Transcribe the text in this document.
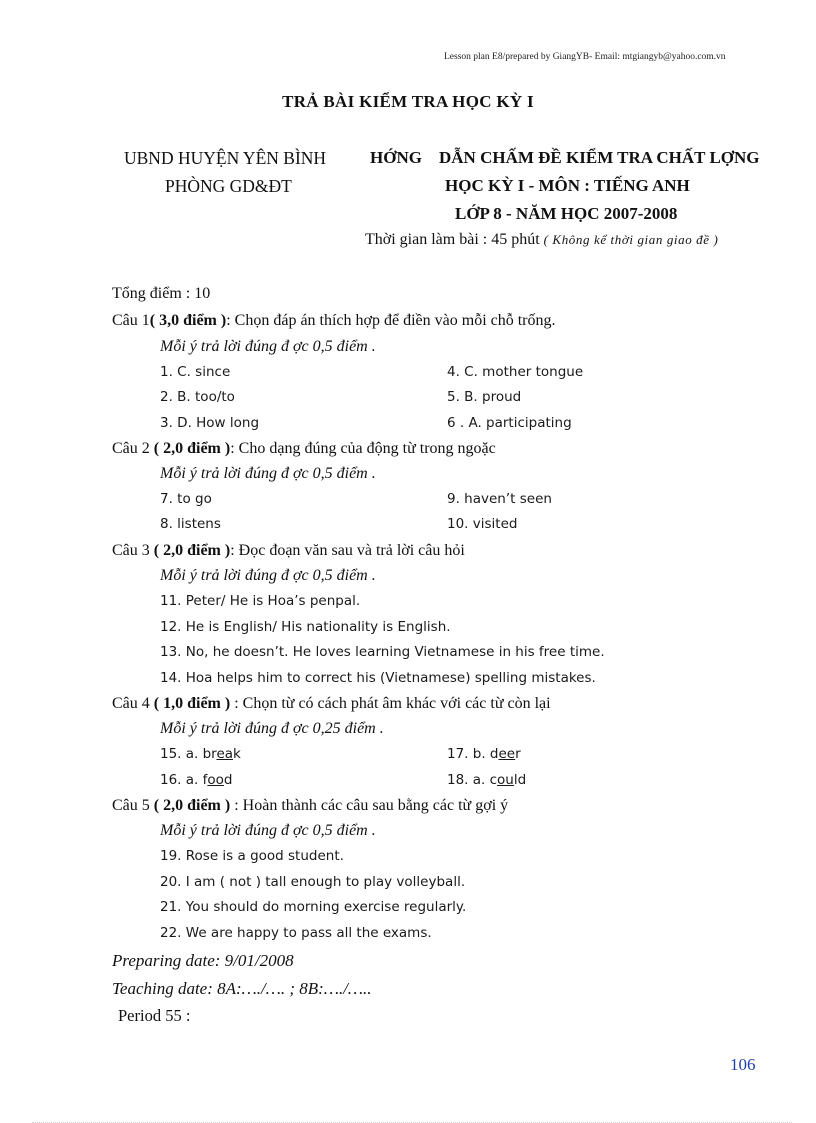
Lesson plan E8/prepared by GiangYB- Email: mtgiangyb@yahoo.com.vn
TRẢ BÀI KIỂM TRA HỌC KỲ I
UBND HUYỆN YÊN BÌNH
PHÒNG GD&ĐT
HỚNG DẪN CHẤM ĐỀ KIỂM TRA CHẤT LỢNG
HỌC KỲ I - MÔN : TIẾNG ANH
LỚP 8 - NĂM HỌC 2007-2008
Thời gian làm bài : 45 phút ( Không kể thời gian giao đề )
Tổng điểm : 10
Câu 1( 3,0 điểm ): Chọn đáp án thích hợp để điền vào mỗi chỗ trống.
Mỗi ý trả lời đúng đ ợc 0,5 điểm .
1. C. since	4. C. mother tongue
2. B. too/to	5. B. proud
3. D. How long	6 . A. participating
Câu 2 ( 2,0 điểm ): Cho dạng đúng của động từ trong ngoặc
Mỗi ý trả lời đúng đ ợc 0,5 điểm .
7. to go	9. haven’t seen
8. listens	10. visited
Câu 3 ( 2,0 điểm ): Đọc đoạn văn sau và trả lời câu hỏi
Mỗi ý trả lời đúng đ ợc 0,5 điểm .
11. Peter/ He is Hoa’s penpal.
12. He is English/ His nationality is English.
13. No, he doesn’t. He loves learning Vietnamese in his free time.
14. Hoa helps him to correct his (Vietnamese) spelling mistakes.
Câu 4 ( 1,0 điểm ) : Chọn từ có cách phát âm khác với các từ còn lại
Mỗi ý trả lời đúng đ ợc 0,25 điểm .
15. a. break	17. b. deer
16. a. food	18. a. could
Câu 5 ( 2,0 điểm ) : Hoàn thành các câu sau bằng các từ gợi ý
Mỗi ý trả lời đúng đ ợc 0,5 điểm .
19. Rose is a good student.
20. I am ( not ) tall enough to play volleyball.
21. You should do morning exercise regularly.
22. We are happy to pass all the exams.
Preparing date: 9/01/2008
Teaching date: 8A:…./…. ; 8B:…./…..
Period 55 :
106
